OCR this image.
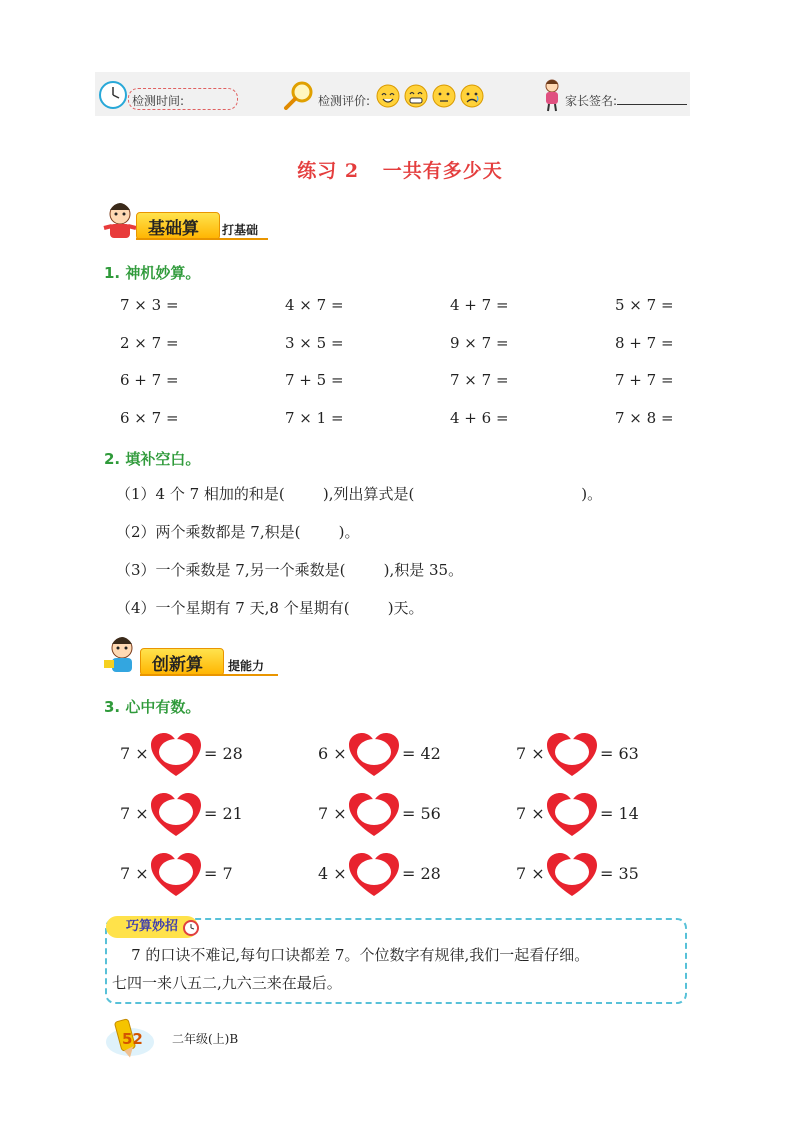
检测时间:	检测评价:	家长签名:
练习 2 一共有多少天
基础算 打基础
1. 神机妙算。
7 × 3 =	4 × 7 =	4 + 7 =	5 × 7 =
2 × 7 =	3 × 5 =	9 × 7 =	8 + 7 =
6 + 7 =	7 + 5 =	7 × 7 =	7 + 7 =
6 × 7 =	7 × 1 =	4 + 6 =	7 × 8 =
2. 填补空白。
（1）4 个 7 相加的和是(        ),列出算式是(                                   )。
（2）两个乘数都是 7,积是(        )。
（3）一个乘数是 7,另一个乘数是(        ),积是 35。
（4）一个星期有 7 天,8 个星期有(        )天。
创新算 提能力
3. 心中有数。
7 ×	= 28	6 ×	= 42	7 ×	= 63
7 ×	= 21	7 ×	= 56	7 ×	= 14
7 ×	= 7	4 ×	= 28	7 ×	= 35
巧算妙招
7 的口诀不难记,每句口诀都差 7。个位数字有规律,我们一起看仔细。
七四一来八五二,九六三来在最后。
52 二年级(上)B
